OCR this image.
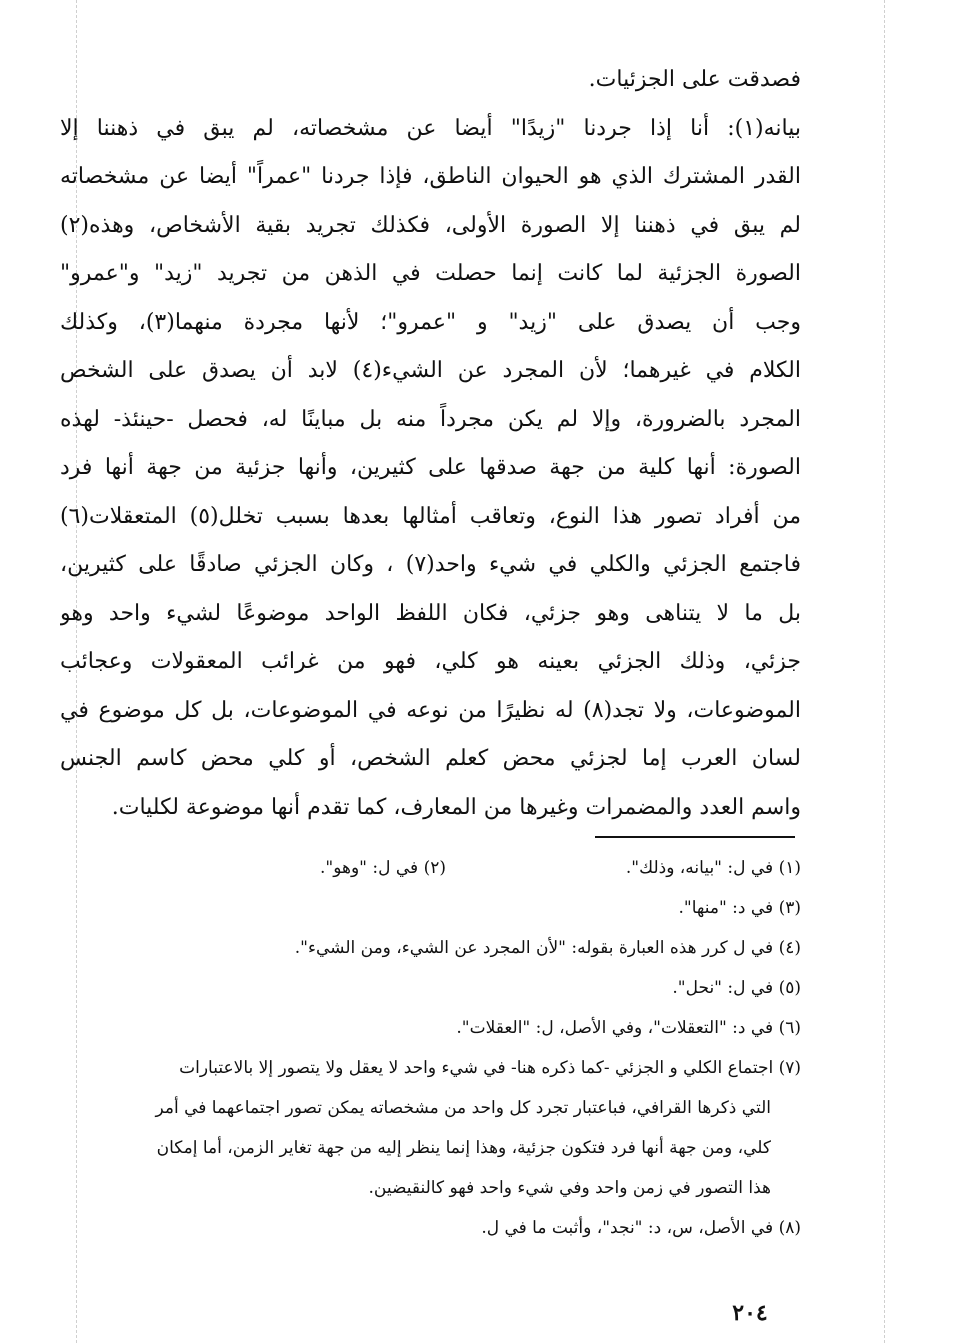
فصدقت على الجزئيات.
بيانه(١): أنا إذا جردنا "زيدًا" أيضا عن مشخصاته، لم يبق في ذهننا إلا
القدر المشترك الذي هو الحيوان الناطق، فإذا جردنا "عمراً" أيضا عن مشخصاته
لم يبق في ذهننا إلا الصورة الأولى، فكذلك تجريد بقية الأشخاص، وهذه(٢)
الصورة الجزئية لما كانت إنما حصلت في الذهن من تجريد "زيد" و"عمرو"
وجب أن يصدق على "زيد" و "عمرو"؛ لأنها مجردة منهما(٣)، وكذلك
الكلام في غيرهما؛ لأن المجرد عن الشيء(٤) لابد أن يصدق على الشخص
المجرد بالضرورة، وإلا لم يكن مجرداً منه بل مباينًا له، فحصل -حينئذ- لهذه
الصورة: أنها كلية من جهة صدقها على كثيرين، وأنها جزئية من جهة أنها فرد
من أفراد تصور هذا النوع، وتعاقب أمثالها بعدها بسبب تخلل(٥) المتعقلات(٦)
فاجتمع الجزئي والكلي في شيء واحد(٧) ، وكان الجزئي صادقًا على كثيرين،
بل ما لا يتناهى وهو جزئي، فكان اللفظ الواحد موضوعًا لشيء واحد وهو
جزئي، وذلك الجزئي بعينه هو كلي، فهو من غرائب المعقولات وعجائب
الموضوعات، ولا تجد(٨) له نظيرًا من نوعه في الموضوعات، بل كل موضوع في
لسان العرب إما لجزئي محض كعلم الشخص، أو كلي محض كاسم الجنس
واسم العدد والمضمرات وغيرها من المعارف، كما تقدم أنها موضوعة لكليات.
(١) في ل: "بيانه، وذلك".
(٢) في ل: "وهو".
(٣) في د: "منها".
(٤) في ل كرر هذه العبارة بقوله: "لأن المجرد عن الشيء، ومن الشيء".
(٥) في ل: "نحل".
(٦) في د: "التعقلات"، وفي الأصل، ل: "العقلات".
(٧) اجتماع الكلي و الجزئي -كما ذكره هنا- في شيء واحد لا يعقل ولا يتصور إلا بالاعتبارات
التي ذكرها القرافي، فباعتبار تجرد كل واحد من مشخصاته يمكن تصور اجتماعهما في أمر
كلي، ومن جهة أنها فرد فتكون جزئية، وهذا إنما ينظر إليه من جهة تغاير الزمن، أما إمكان
هذا التصور في زمن واحد وفي شيء واحد فهو كالنقيضين.
(٨) في الأصل، س، د: "نجد"، وأثبت ما في ل.
٢٠٤
